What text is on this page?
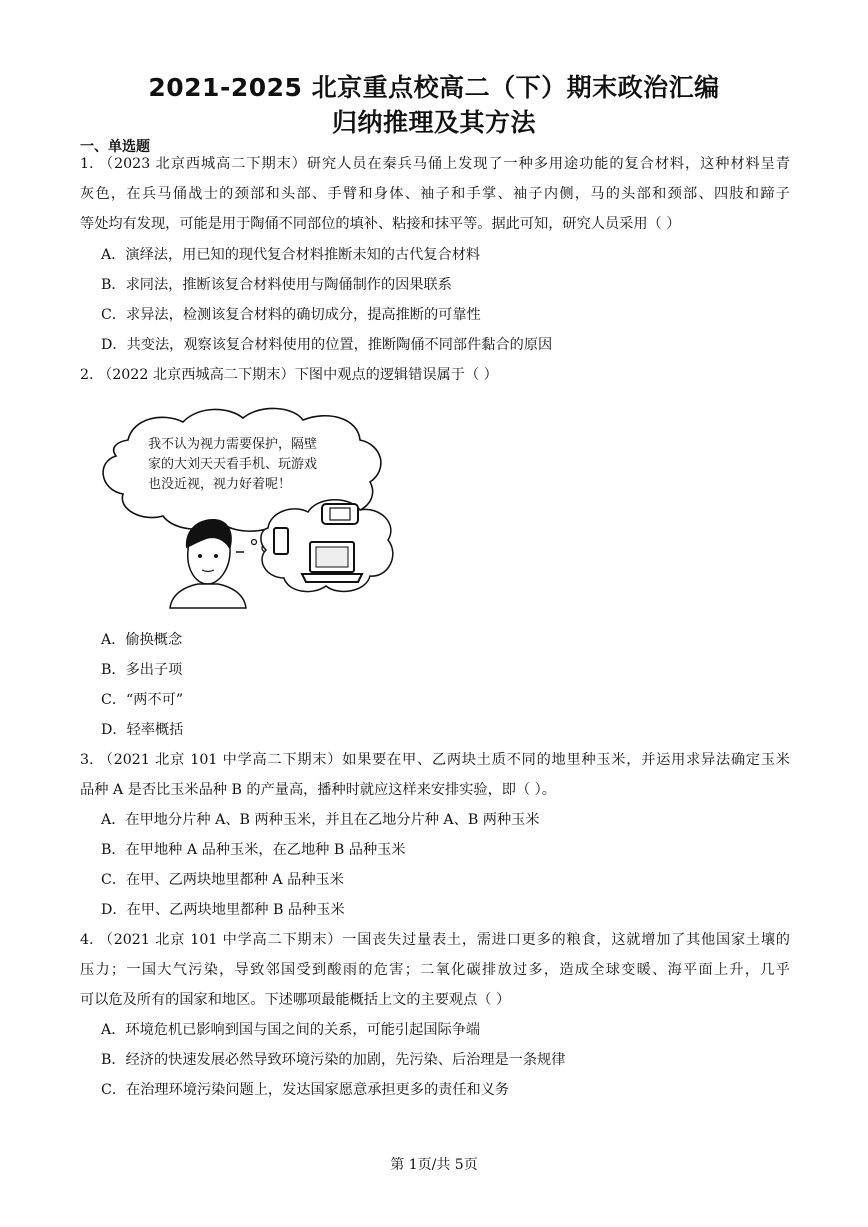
2021-2025 北京重点校高二（下）期末政治汇编
归纳推理及其方法
一、单选题
1. （2023 北京西城高二下期末）研究人员在秦兵马俑上发现了一种多用途功能的复合材料，这种材料呈青
灰色，在兵马俑战士的颈部和头部、手臂和身体、袖子和手掌、袖子内侧，马的头部和颈部、四肢和蹄子
等处均有发现，可能是用于陶俑不同部位的填补、粘接和抹平等。据此可知，研究人员采用（ ）
A．演绎法，用已知的现代复合材料推断未知的古代复合材料
B．求同法，推断该复合材料使用与陶俑制作的因果联系
C．求异法，检测该复合材料的确切成分，提高推断的可靠性
D．共变法，观察该复合材料使用的位置，推断陶俑不同部件黏合的原因
2. （2022 北京西城高二下期末）下图中观点的逻辑错误属于（ ）
我不认为视力需要保护，隔壁
家的大刘天天看手机、玩游戏
也没近视，视力好着呢！
A．偷换概念
B．多出子项
C．“两不可”
D．轻率概括
3. （2021 北京 101 中学高二下期末）如果要在甲、乙两块土质不同的地里种玉米，并运用求异法确定玉米
品种 A 是否比玉米品种 B 的产量高，播种时就应这样来安排实验，即（ ）。
A．在甲地分片种 A、B 两种玉米，并且在乙地分片种 A、B 两种玉米
B．在甲地种 A 品种玉米，在乙地种 B 品种玉米
C．在甲、乙两块地里都种 A 品种玉米
D．在甲、乙两块地里都种 B 品种玉米
4. （2021 北京 101 中学高二下期末）一国丧失过量表土，需进口更多的粮食，这就增加了其他国家土壤的
压力；一国大气污染，导致邻国受到酸雨的危害；二氧化碳排放过多，造成全球变暖、海平面上升，几乎
可以危及所有的国家和地区。下述哪项最能概括上文的主要观点（ ）
A．环境危机已影响到国与国之间的关系，可能引起国际争端
B．经济的快速发展必然导致环境污染的加剧，先污染、后治理是一条规律
C．在治理环境污染问题上，发达国家愿意承担更多的责任和义务
第 1页/共 5页
